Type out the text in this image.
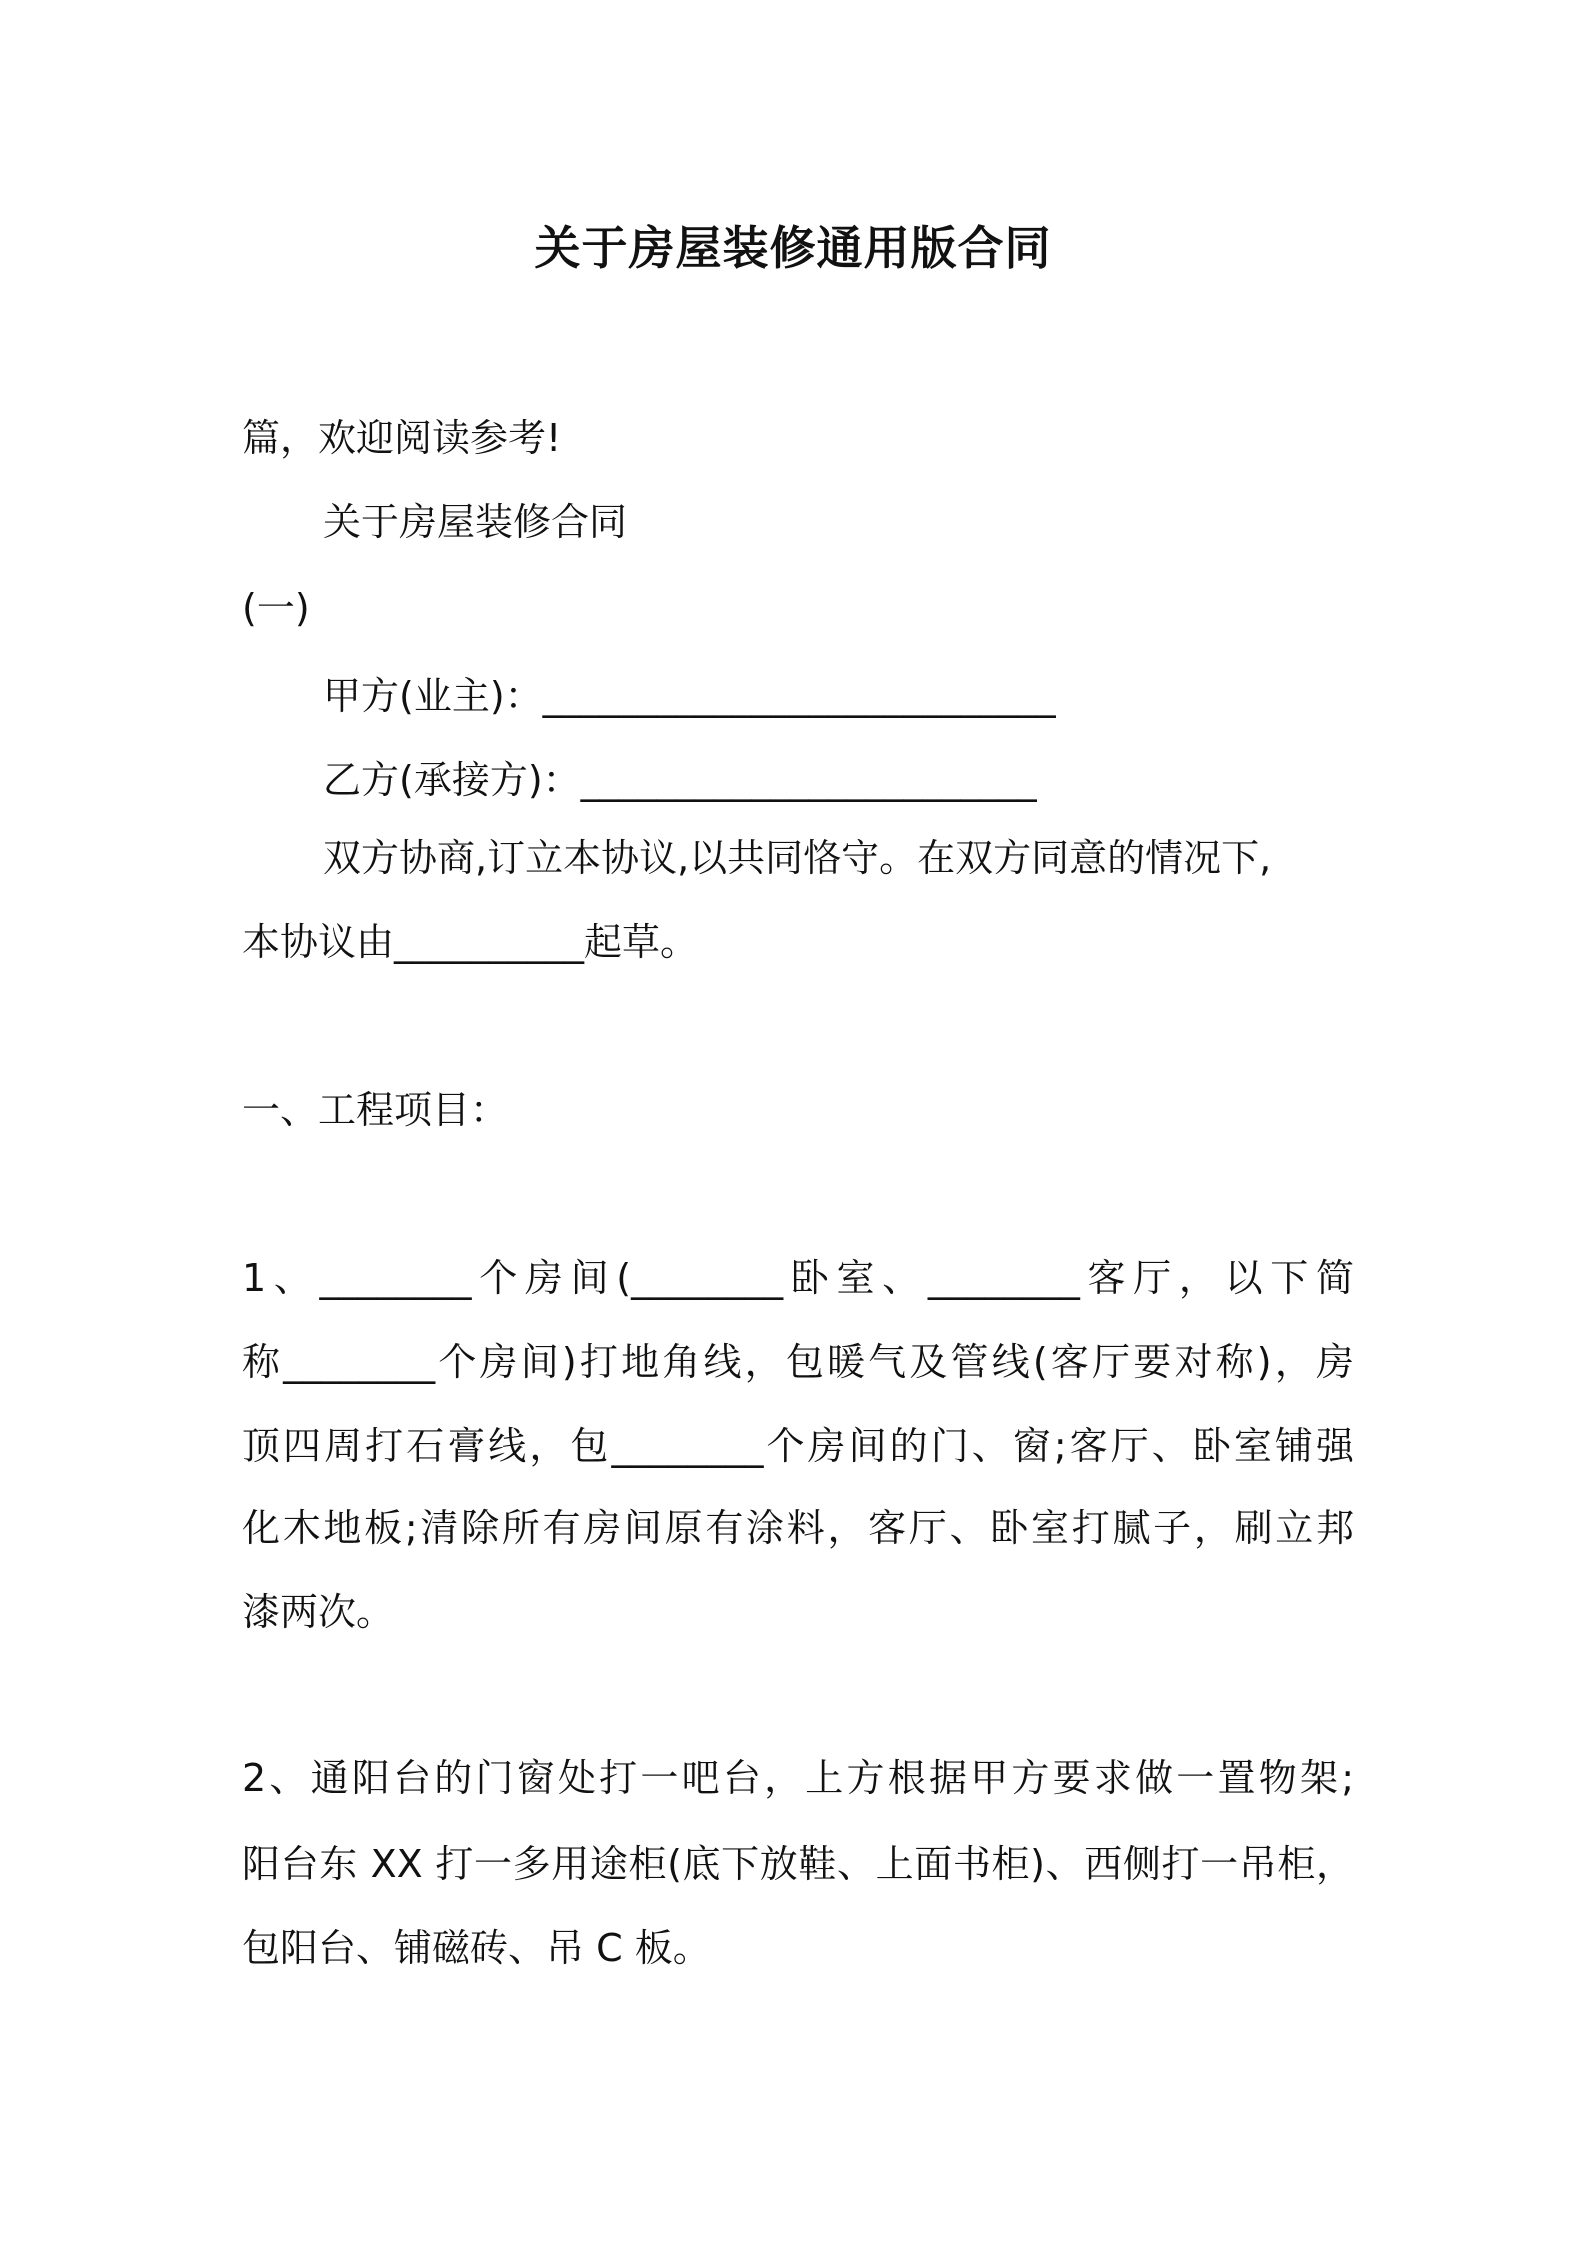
关于房屋装修通用版合同
篇，欢迎阅读参考!
关于房屋装修合同
(一)
甲方(业主)：___________________________
乙方(承接方)：________________________
双方协商,订立本协议,以共同恪守。在双方同意的情况下,
本协议由__________起草。
一、工程项目：
1、________个房间(________卧室、________客厅，以下简
称________个房间)打地角线，包暖气及管线(客厅要对称)，房
顶四周打石膏线，包________个房间的门、窗;客厅、卧室铺强
化木地板;清除所有房间原有涂料，客厅、卧室打腻子，刷立邦
漆两次。
2、通阳台的门窗处打一吧台，上方根据甲方要求做一置物架;
阳台东 XX 打一多用途柜(底下放鞋、上面书柜)、西侧打一吊柜，
包阳台、铺磁砖、吊 C 板。
